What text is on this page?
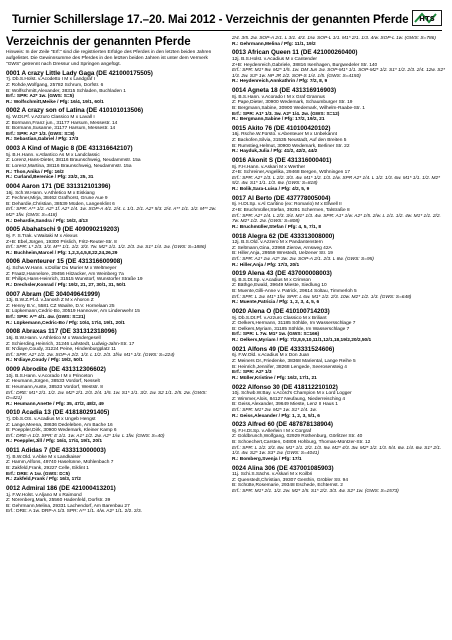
Turnier Schillerslage 17.–20. Mai 2012 - Verzeichnis der genannten Pferde HTS
Verzeichnis der genannten Pferde
Hinweis: In der Zeile "Erf:" sind die registrierten Erfolge des Pferdes in den letzten beiden Jahren aufgelistet. Die Gewinnsumme des Pferdes in den letzten beiden Jahren ist unter dem Vermerk "GWS" getrennt nach Dressur und Springen angefügt.
0001 A crazy Little Lady Gaga (DE 421000175505)
7j. Db.S.Holst. v.Acodetto I M x Landgraf I
Z: Rohde,Wolfgang, 25782 Schrum, Dorfstr. 6
B: Wolfschmitt,Alexander, 38315 Schladen, Buchladen 1
Erf.: SPR: A2* 1w. (GWS: S=5)
R.: Wolfschmitt,Meike / Pfg: 16/4, 19/1, 60/1
0002 A crazy son of Latina (DE 410101013506)
6j. W.Dt.Pf. v.Azzuro Classico M x Lavall I
Z: Bormann,Franz jun., 31177 Harsum, Messestr. 14
B: Bormann,Susanne, 31177 Harsum, Messestr. 14
Erf.: SPR: A2* 1/3. (GWS: S=8)
R.: Sebastian,Gabriel / Pfg: 17/3
0003 A Kind of Magic 8 (DE 431316642107)
5j. B.H.Hann. v.Atlantico As M x Landclassic
Z: Lorenz,Hans-Dieter, 38116 Braunschweig, Neudammstr. 15a
B: Lorenz,Martina, 38116 Braunschweig, Neudammstr. 15a
R.: Thon,Anika / Pfg: 16/2
R.: Curland,Berenice / Pfg: 23/2, 25, 31
0004 Aaron 171 (DE 331312101396)
16j. Sch.W.Hann. v.Athletico M x Eiskiang
Z: Fechner,Mirja, 38462 Grafhorst, Grune Aue 9
B: Dehardie,Christian, 38539 Müden, Langenklint 6
Erf.: SPR: A** 1/2. A2* 1f. A2* 1/4. 1w. SOP-A 4/1. 2/4. L 1/1. 2/1. A2* 5/3. 2/4. A** 1/1. 1/2. M** 2w. M2* 1fw. (GWS: S=418)
R.: Dehardie,Sandra / Pfg: 16/2, 4/13
0005 Abahatschi 9 (DE 409090219203)
9j. F. S.Trak. v.Waitaki M x Alexus
Z+B: Ebel,Jürgen, 19300 Prislich, Fritz-Reuter-Str. 8
Erf.: SPR: L* 2/3. 1/3. M** 1/1. 1/2. 3/3. 7w. M2* 1/1. 1/2. 2/3. 1w. S1* 1/4. 1w. (GWS: S=1886)
R.: Buchheim,Marcel / Pfg: 1,2,3,4,5,8,22,24,26,29
0006 Abenteurer 15 (DE 431316600908)
4j. Schw.W.Hann. v.Dollar Du Murier M x Weltmeyer
Z: Fraatz,Hannelore, 29456 Hitzacker, Am Weinberg 7a
B: Philips,Hans-Heinrich, 31515 Wunstorf, Wunstorfer Straße 19
R.: Drechsler,Konrad / Pfg: 19/2, 21, 27, 30/1, 31, 50/1
0007 Abram (DE 304049641999)
13j. B.W.Z.Pf.d. v.Janosh Z M x Ahoron Z
Z: Henny B.V., 5581 CZ Waalre, D.V. Hornelaan 25
B: Lüpkemann,Cedric-Bo, 30519 Hannover, Am Lindenwehr 15
Erf.: SPR: A** 4/1. 4w. (GWS: S=21)
R.: Lüpkemann,Cedric-Bo / Pfg: 10/4, 17/4, 19/1, 20/1
0008 Abraxas 117 (DE 331312318096)
16j. B.W.Hann. v.Athletico M x Wandergesell
Z: Schierding,Heinrich, 31246 Lahstedt, Ludwig-Jahn-Str. 17
B: N'diaye,Coudy, 31224 Peine, Hindenburgplatz 11
Erf.: SPR: A2* 1/2. 2w. SOP-A 2/2. 1/3. L 1/2. 2/3. 1f/w. M1* 1/3. (GWS: S=224)
R.: N'diaye,Coudy / Pfg: 19/2, 50/1
0009 Abrodite (DE 431312306602)
10j. B.S.Hann. v.Acorado I M x Princeton
Z: Heumann,Jürgen, 38533 Vordorf, Nesselt
B: Heumann,Auste, 38533 Vordorf, Weststr. 8
Erf.: DRE: M1* 2/1. 1/2. 1w. M2* 2/1. 2/3. 2/4. 1/5. 1w. S1* 1/1. 3/2. 1w. S2 1/1. 2/5. 2w. (GWS: D=421)
R.: Heumann,Anette / Pfg: 35, 47/2, 48/2, 49
0010 Acadia 13 (DE 418180291405)
7j. Db.S.OS. v.Acadius M x Ungeb Hengst
Z: Lange,Meena, 38636 Dedeleben, Am Bache 16
B: Poeppler,Dirk, 30900 Wedemark, Kleiner Kamp 6
Erf.: DRE-A 1/2. SPR: E 1/1. 1w. A1* 1/2. 2w. A2* 1/w. L 1fw. (GWS: S=40)
R.: Poeppler,Jill / Pfg: 16/4, 17/4, 19/1, 20/1
0011 Adidas 7 (DE 433313000003)
7j. B.W.Old. v.Abke M x Landkaiser
Z: Hamm,Alfons, 49740 Haselünne, Mühlenbach 7
B: Zakfeld,Frank, 29227 Celle, Eiklint 1
Erf.: DRE: A 1w. (GWS: D=5)
R.: Zakfeld,Frank / Pfg: 16/3, 17/2
0012 Admiral 186 (DE 421000413201)
1j. F.W.Holst. v.Aljano M x Raimond
Z: Nörenberg,Mark, 25560 Hadenfeld, Dorfstr. 39
B: Gehrmann,Melina, 29331 Lachendorf, Am Barenbau 27
Erf.: DRE: A 1w. DRP-A 1/3. SPR: A** 1/1. 4/w. A2* 1/1. 2/2. 2/3.
2/4. 3/5. 2w. SOP-A 2/1. L 3/1. 4/3. 1/w. SOP-L 1/1. M1* 2/1. 1/3. 4/w. SOP-L 1w. (GWS: S=786)
R.: Gehrmann,Melina / Pfg: 11/1, 19/2
0013 African Queen 11 (DE 421000260400)
12j. B.S.Holst. v.Acadius M x Cantender
Z+B: Heydenreich,Gabriele, 38816 Isenhagen, Burgwedeler Str. 140
Erf.: SPR: M1* 9w. M2* 1/5. 1w. DM Jun 1w. SOP-M1* 1/1. SOP-M2* 1/2. S1* 1/2. 2/3. 2/4. 12w. S2* 1/3. 2w. S3* 1w. NP JR 1/2. SOP-S 1/4. 1/5. (GWS: S=4150)
R.: Heydenreich,Annkathrin / Pfg: 7/2, 8, 9
0014 Agneta 18 (DE 431316916903)
8j. B.S.Hann. v.Acorado I M x Graf Grannus
Z: Pape,Dieter, 30900 Wedemark, Schaumburger Str. 19
B: Bergmann,Sabine, 30900 Wedemark, Wilhelm-Raabe-Str. 1
Erf.: SPR: A1* 1/3. 3w. A2* 1/4. 2w. (GWS: S=12)
R.: Bergmann,Sabine / Pfg: 17/2, 19/2, 21
0015 Akito 76 (DE 410100420102)
16j. Rsche.W.Fürsto. v.Abenteuer M x Unbekannt
Z: Backofen,Silvia, 31535 Neustadt, Auf den Breiten 5
B: Rumstieg,Helmut, 30900 Wedemark, Berliner Str. 22
R.: Hayduk,Julia / Pfg: 41/2, 42/2, 44/2
0016 Akonit S (DE 431316000401)
8j. F.H.Hann. v.Askari M x Werther
Z+B: Schreiner,Angelika, 29468 Bergen, Wöhningen 17
Erf.: SPR: A2* 1/3. L 2/2. 3/3. 4w. M1* 1/2. 1/3. 1/w. SPR A2* 1/4. L 1/2. 1/3. 6w. M1* 1/1. 1/2. M2* 5/2. 4w. S1* 1/1. 1/3. 6w. (GWS: S=818)
R.: Bolik,Sara-Luisa / Pfg: 4/2, 5, 9
0017 Al Berto (DE 437778005004)
8j. H.Dt.Sp. v.Al Cantino (ex: Romario) M x Ellwell II
Z+B: Bruchmüller,Stefan, 39291 Schermen, Talstraße 8
Erf.: SPR: A2* 1/4. L 2/3. 3/4. M1* 1/3. 4w. SPR: A1* 1/w. A2* 1/5. 2/w. L 1/1. 1/2. 4w. M1* 1/1. 2/2. 7w. M2* 1/2. 2w. (GWS: S=808)
R.: Bruchmüller,Stefan / Pfg: 4, 5, 7/1, 8
0018 Alegra 62 (DE 433313008000)
12j. B.S.Old. v.Azzero M x Pandantenstern
Z: Seltmann,Gina, 23968 Zierow, Arnsweg 42A
B: Hiller,Anja, 29559 Wrestedt, Uelzener Str. 19
Erf.: SPR: A1* 1w. A2* 3w. 2w. SOP-A 2/1. 2/3. L 8w. (GWS: S=95)
R.: Hiller,Anja / Pfg: 17/3, 20/1
0019 Alena 43 (DE 437000008003)
8j. B.S.Dt.Sp. v.Acadius M x Crimson
Z: Bäthge,Ewald, 39649 Mieste, Siedlung 10
B: Muente,Gilli-Anne v. Patrick, 29614 Soltau, Timmerloh 5
Erf.: SPR: L 1w. M1* 1fw. SPR: L 6w. M1* 1/2. 2/3. 10w. M2* 1/2. 1/3. (GWS: S=648)
R.: Muente,Patricia / Pfg: 1, 2, 3, 4, 5, 6
0020 Alena O (DE 410100714203)
9j. Db.S.Dt.Pf. v.Azzuro Classico M x Briliant
Z: Oelkers,Hermann, 31185 Söhlde, Im Wassersschlage 7
B: Oelkers,Myriam, 31185 Söhlde, Im Wasserschlage 7
Erf.: SPR: L 7w. M1* 1w. (GWS: S=166)
R.: Oelkers,Myriam / Pfg: 7/2,8,9,10,11/1,12/1,18,19/2,20/2,50/1
0021 Alfons 49 (DE 433331524606)
6j. F.W.Old. v.Acadius M x Don Juan
Z: Meiners Dr.,Friedenke, 38368 Mariental, Lange Reihe 5
B: Heinrich,Jennifer, 38268 Lengede, Seerosensteig 4
Erf.: SPR: A2* 1/3
R.: Müller,Kristine / Pfg: 16/2, 17/1, 21
0022 Alfonso 30 (DE 418112210102)
10j. Schwb.W.Bay. v.Acord's Champion M x Lord Logger
Z: Wimmer,Alois, 84127 Neufaung, Niederreisching 4
B: Geiss,Alexander, 39649 Mieste, Lenz II Haus 1
Erf.: SPR: M1* 2w. M2* 1w. S1* 1/4. 1w.
R.: Geiss,Alexander / Pfg: 1, 2, 3, 5/1, 6
0023 Alfred 60 (DE 487878138904)
9j. F.H.Dt.Sp. v.Allerlein I M x Corgraf
Z: Goldbrunch,Wolfgang, 02929 Rothenburg, Görlitzer Str. 40
B: Schoechert,Carsten, 04808 Hohburg, Thomas-Müntzer-Str. 12
Erf.: SPR: L 1/2. 3/3. 8w. M1* 1/1. 2/2. 1/3. 5w. M2* 4/3. 3w. M2* 1/2. 1/3. 5/4. 6w. 1/4. 6w. S1* 2/1. 1/3. 4w. S2* 1w. S3* 1w. (GWS: S=4041)
R.: Bomberg,Svenja / Pfg: 17/1
0024 Alina 306 (DE 437001085903)
11j. Schi.S.Sächs. v.Askari M x Koilbri
Z: Quenstedt,Christian, 39307 Genthin, Gröbler Str. 94
B: Schütte,Rosemarie, 29348 Eschede, Echternst. 2
Erf.: SPR: M1* 2/1. 1/2. 2w. M2* 1/5. S1* 2/2. 3/3. 4w. S2* 1w. (GWS: S=1573)
